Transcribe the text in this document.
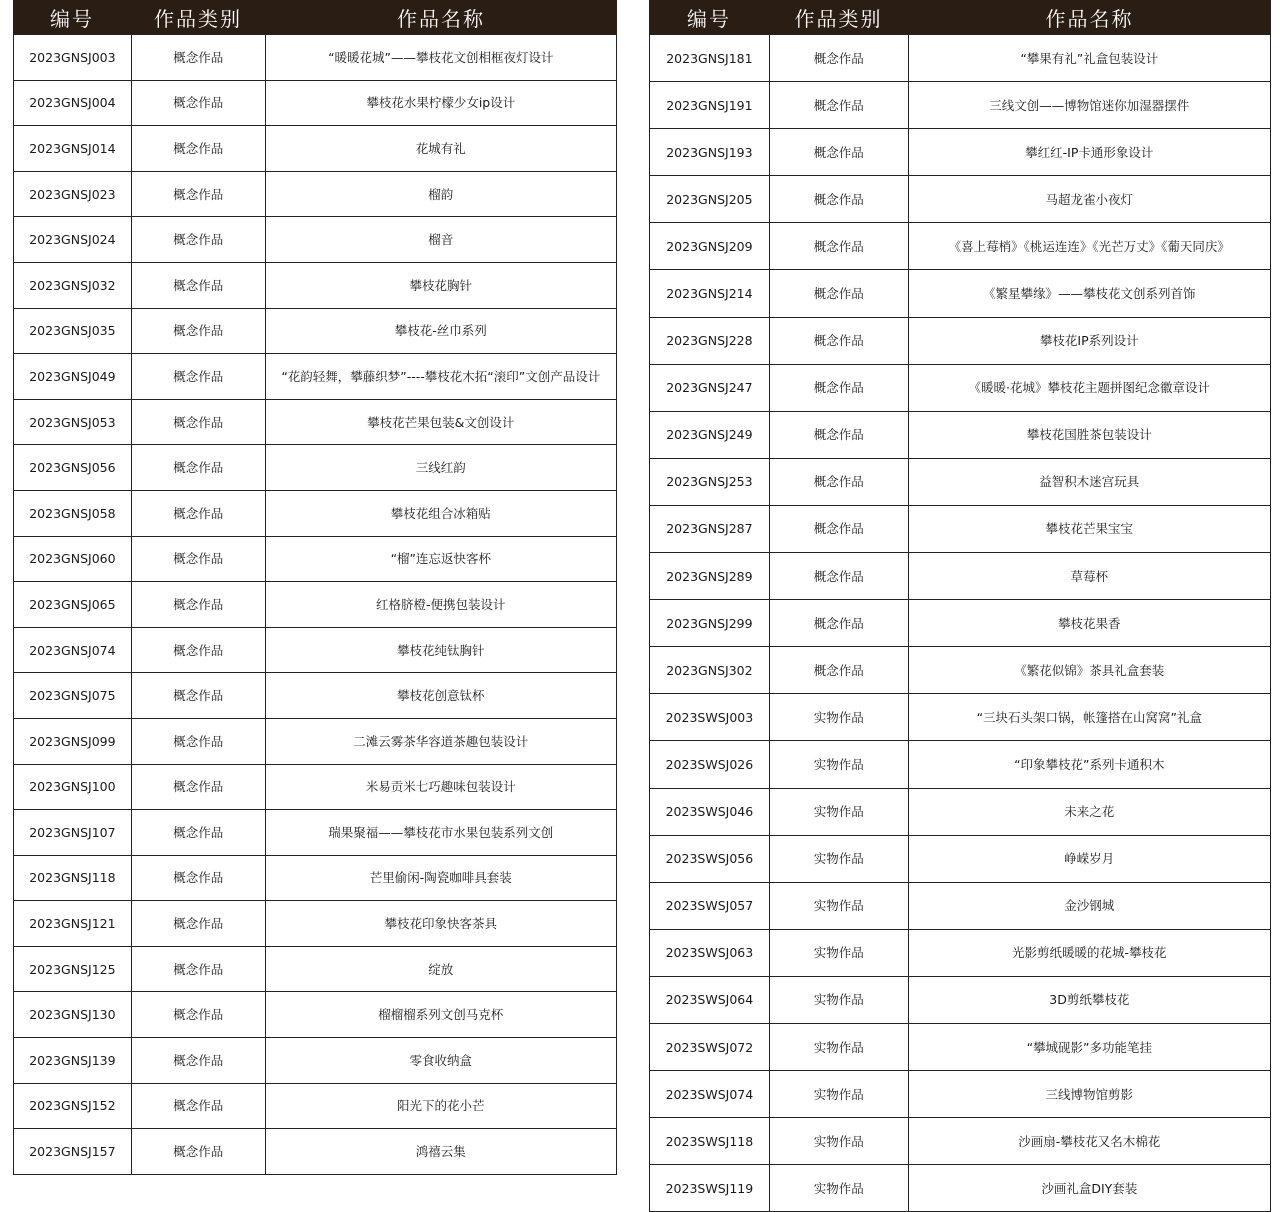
编号	作品类别	作品名称
2023GNSJ003	概念作品	“暖暖花城”——攀枝花文创相框夜灯设计
2023GNSJ004	概念作品	攀枝花水果柠檬少女ip设计
2023GNSJ014	概念作品	花城有礼
2023GNSJ023	概念作品	榴韵
2023GNSJ024	概念作品	榴音
2023GNSJ032	概念作品	攀枝花胸针
2023GNSJ035	概念作品	攀枝花-丝巾系列
2023GNSJ049	概念作品	“花韵轻舞，攀藤织梦”----攀枝花木拓“滚印”文创产品设计
2023GNSJ053	概念作品	攀枝花芒果包装&文创设计
2023GNSJ056	概念作品	三线红韵
2023GNSJ058	概念作品	攀枝花组合冰箱贴
2023GNSJ060	概念作品	“榴”连忘返快客杯
2023GNSJ065	概念作品	红格脐橙-便携包装设计
2023GNSJ074	概念作品	攀枝花纯钛胸针
2023GNSJ075	概念作品	攀枝花创意钛杯
2023GNSJ099	概念作品	二滩云雾茶华容道茶趣包装设计
2023GNSJ100	概念作品	米易贡米七巧趣味包装设计
2023GNSJ107	概念作品	瑞果聚福——攀枝花市水果包装系列文创
2023GNSJ118	概念作品	芒里偷闲-陶瓷咖啡具套装
2023GNSJ121	概念作品	攀枝花印象快客茶具
2023GNSJ125	概念作品	绽放
2023GNSJ130	概念作品	榴榴榴系列文创马克杯
2023GNSJ139	概念作品	零食收纳盒
2023GNSJ152	概念作品	阳光下的花小芒
2023GNSJ157	概念作品	鸿禧云集
编号	作品类别	作品名称
2023GNSJ181	概念作品	“攀果有礼”礼盒包装设计
2023GNSJ191	概念作品	三线文创——博物馆迷你加湿器摆件
2023GNSJ193	概念作品	攀红红-IP卡通形象设计
2023GNSJ205	概念作品	马超龙雀小夜灯
2023GNSJ209	概念作品	《喜上莓梢》《桃运连连》《光芒万丈》《葡天同庆》
2023GNSJ214	概念作品	《繁星攀缘》——攀枝花文创系列首饰
2023GNSJ228	概念作品	攀枝花IP系列设计
2023GNSJ247	概念作品	《暖暖·花城》攀枝花主题拼图纪念徽章设计
2023GNSJ249	概念作品	攀枝花国胜茶包装设计
2023GNSJ253	概念作品	益智积木迷宫玩具
2023GNSJ287	概念作品	攀枝花芒果宝宝
2023GNSJ289	概念作品	草莓杯
2023GNSJ299	概念作品	攀枝花果香
2023GNSJ302	概念作品	《繁花似锦》茶具礼盒套装
2023SWSJ003	实物作品	“三块石头架口锅，帐篷搭在山窝窝”礼盒
2023SWSJ026	实物作品	“印象攀枝花”系列卡通积木
2023SWSJ046	实物作品	未来之花
2023SWSJ056	实物作品	峥嵘岁月
2023SWSJ057	实物作品	金沙钢城
2023SWSJ063	实物作品	光影剪纸暖暖的花城-攀枝花
2023SWSJ064	实物作品	3D剪纸攀枝花
2023SWSJ072	实物作品	“攀城砚影”多功能笔挂
2023SWSJ074	实物作品	三线博物馆剪影
2023SWSJ118	实物作品	沙画扇-攀枝花又名木棉花
2023SWSJ119	实物作品	沙画礼盒DIY套装
